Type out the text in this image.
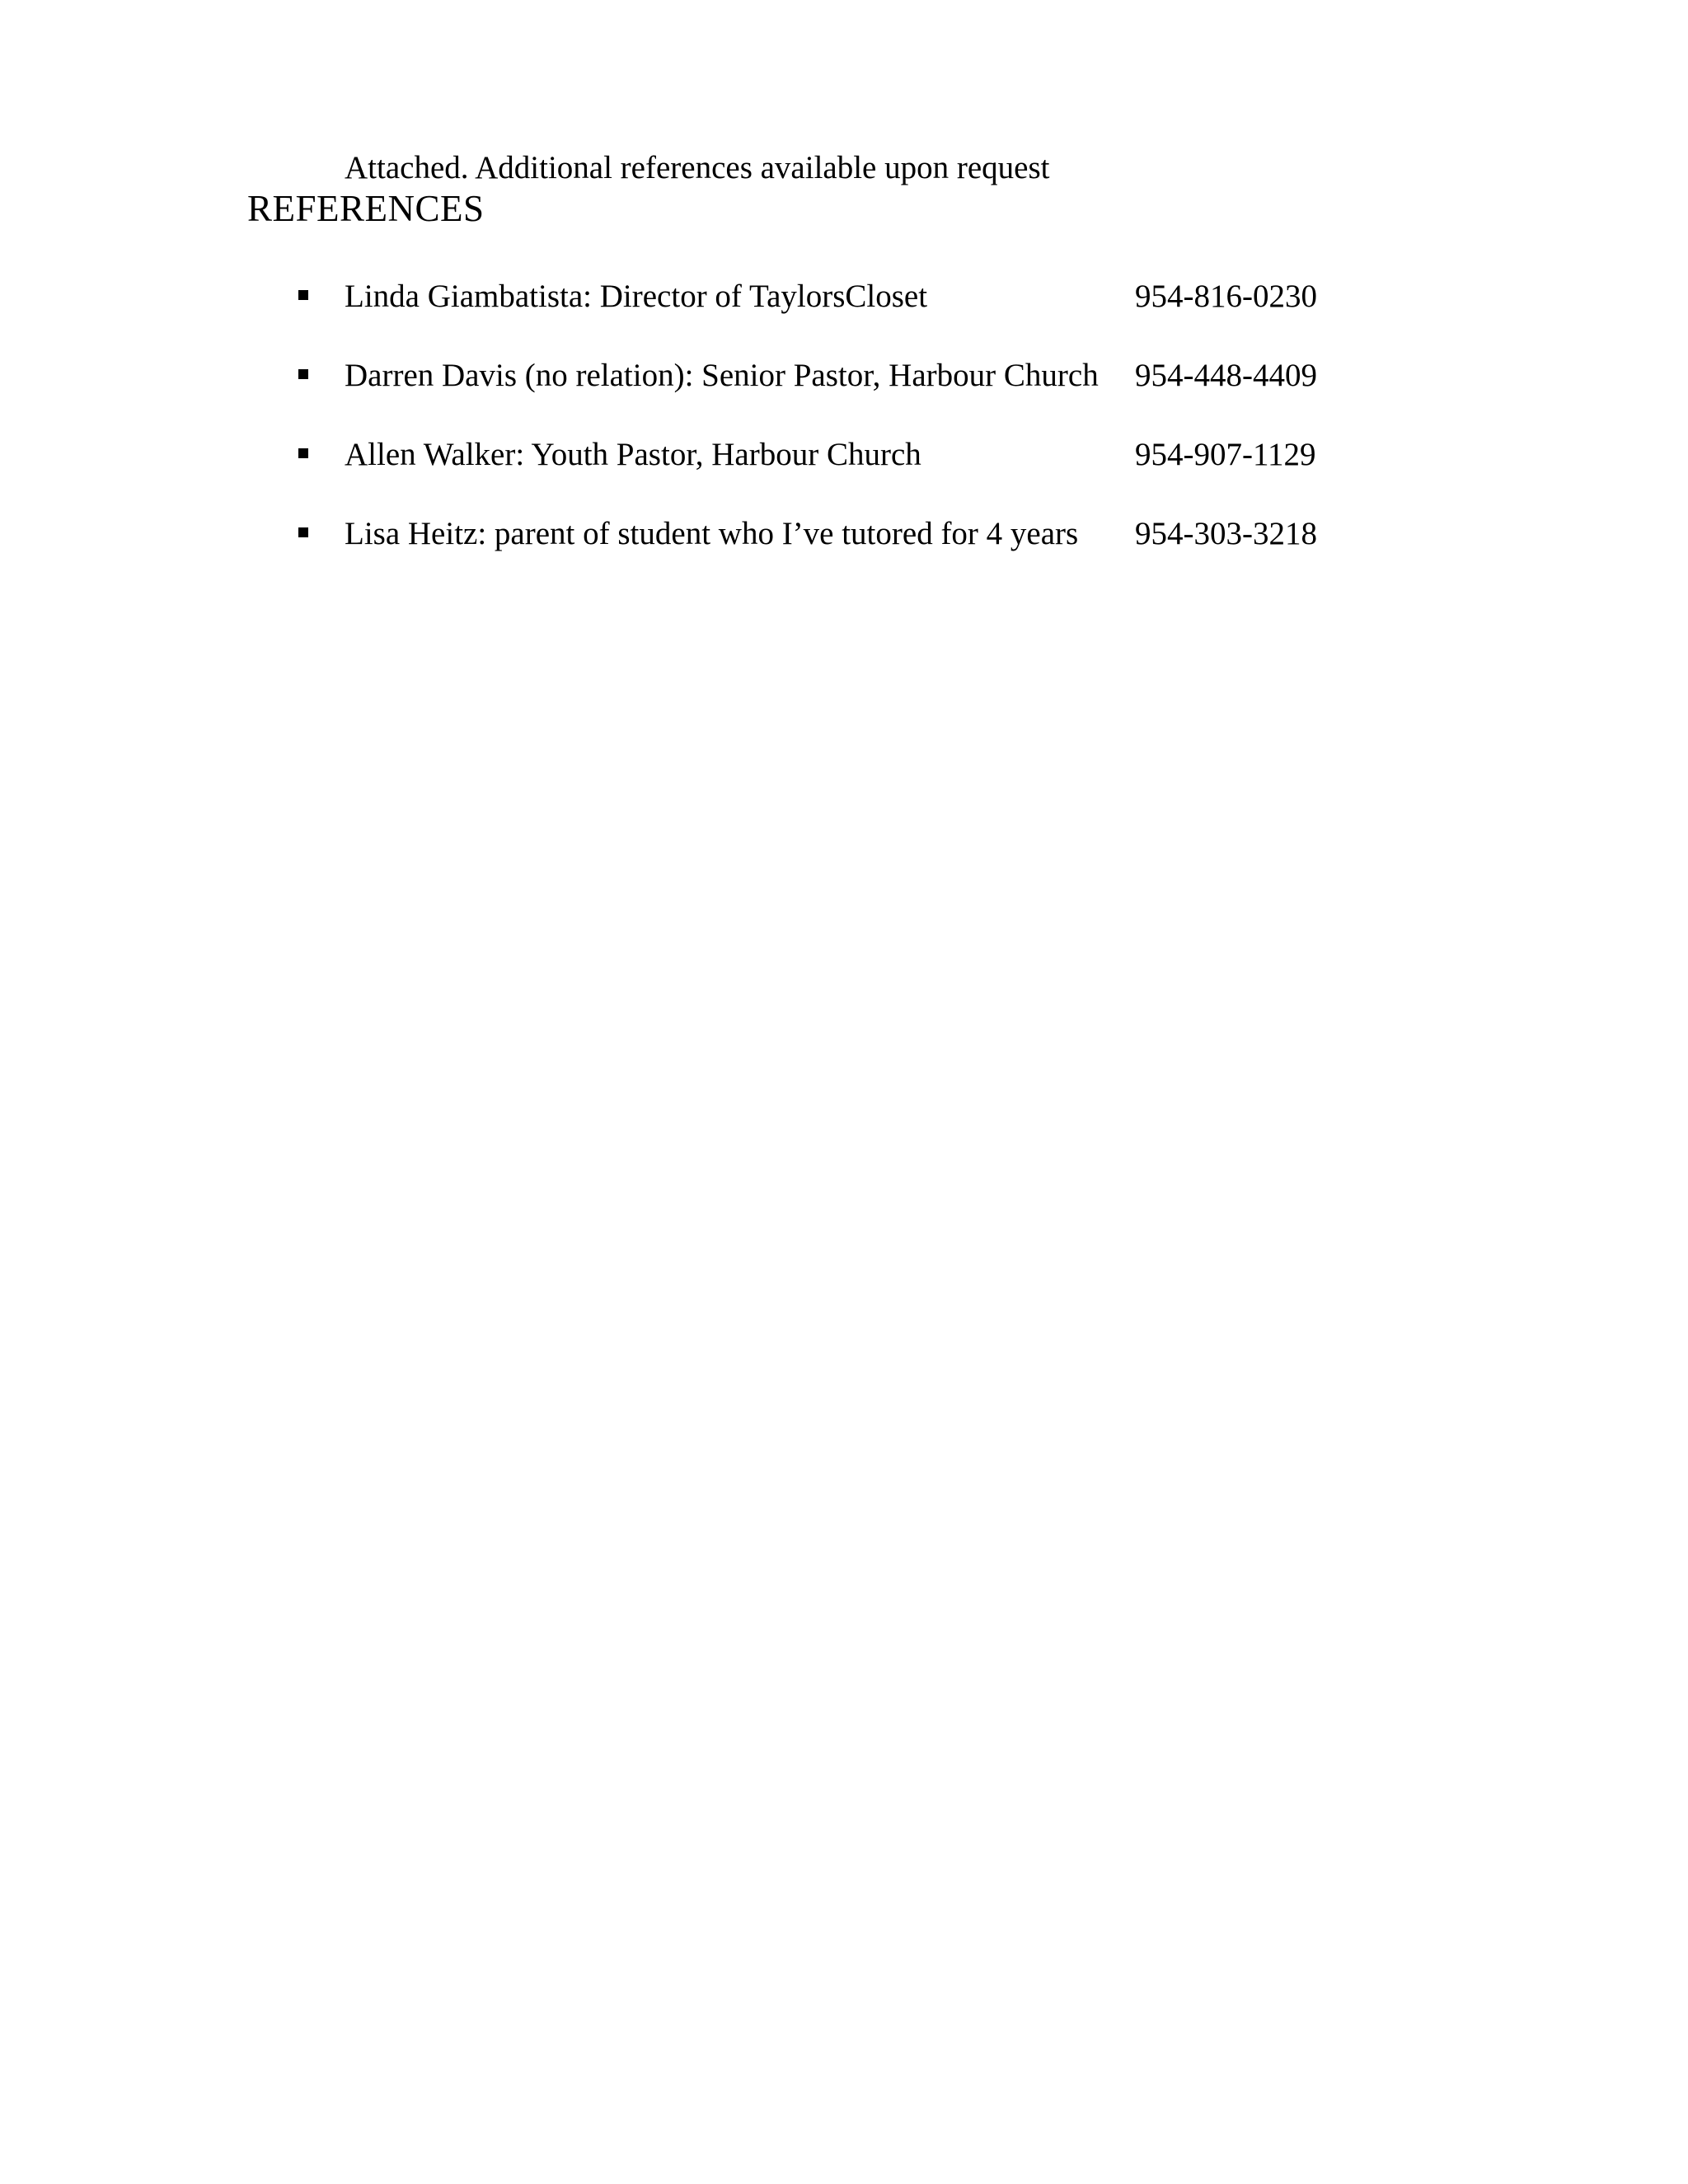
Attached. Additional references available upon request
REFERENCES
Linda Giambatista: Director of TaylorsCloset	954-816-0230
Darren Davis (no relation): Senior Pastor, Harbour Church 954-448-4409
Allen Walker: Youth Pastor, Harbour Church	954-907-1129
Lisa Heitz: parent of student who I’ve tutored for 4 years 954-303-3218
